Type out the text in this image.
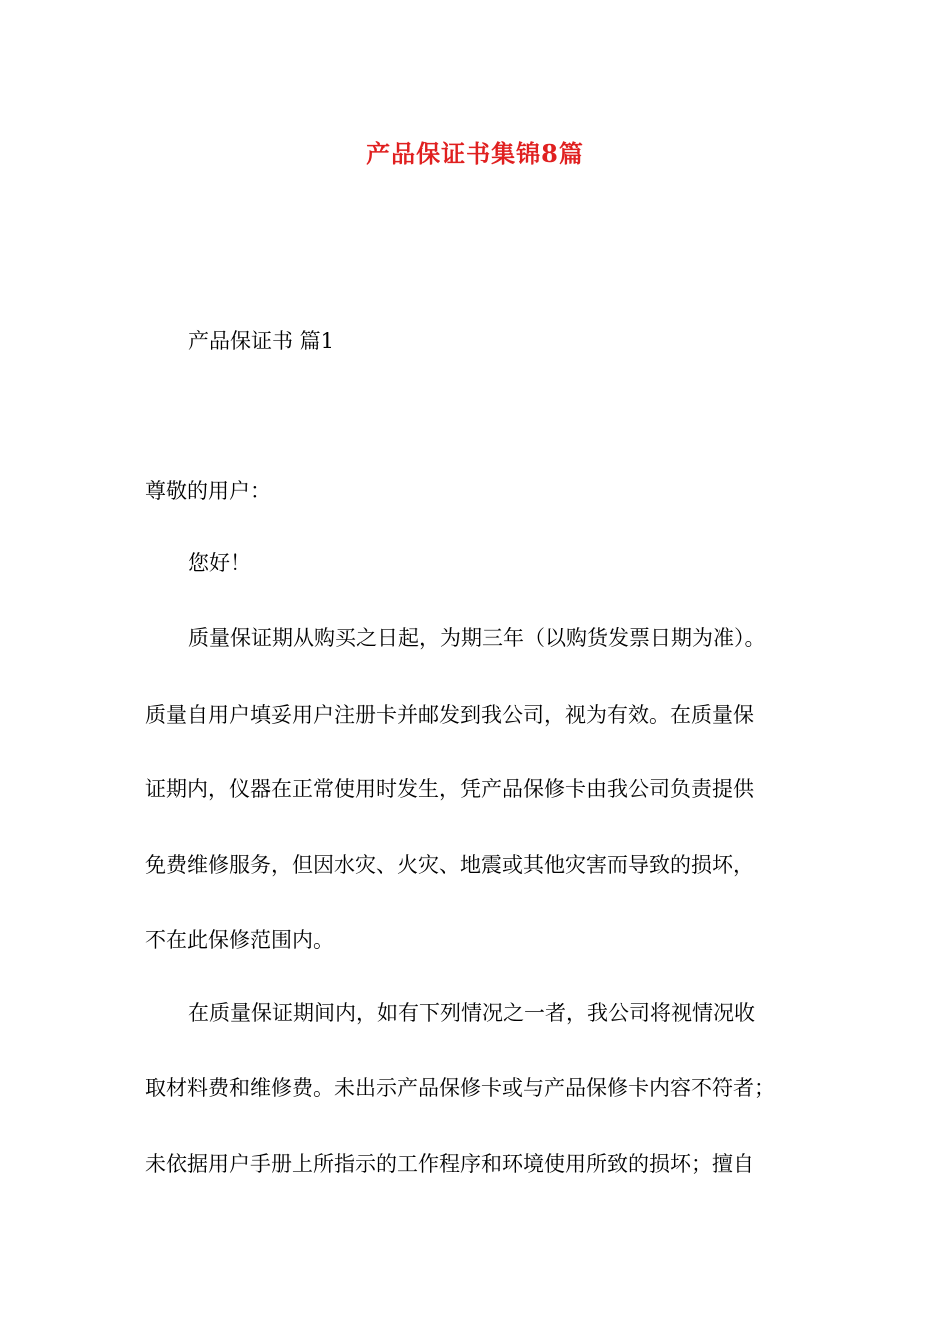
产品保证书集锦8篇
产品保证书 篇1
尊敬的用户：
您好！
质量保证期从购买之日起，为期三年（以购货发票日期为准）。
质量自用户填妥用户注册卡并邮发到我公司，视为有效。在质量保
证期内，仪器在正常使用时发生，凭产品保修卡由我公司负责提供
免费维修服务，但因水灾、火灾、地震或其他灾害而导致的损坏，
不在此保修范围内。
在质量保证期间内，如有下列情况之一者，我公司将视情况收
取材料费和维修费。未出示产品保修卡或与产品保修卡内容不符者；
未依据用户手册上所指示的工作程序和环境使用所致的损坏；擅自
